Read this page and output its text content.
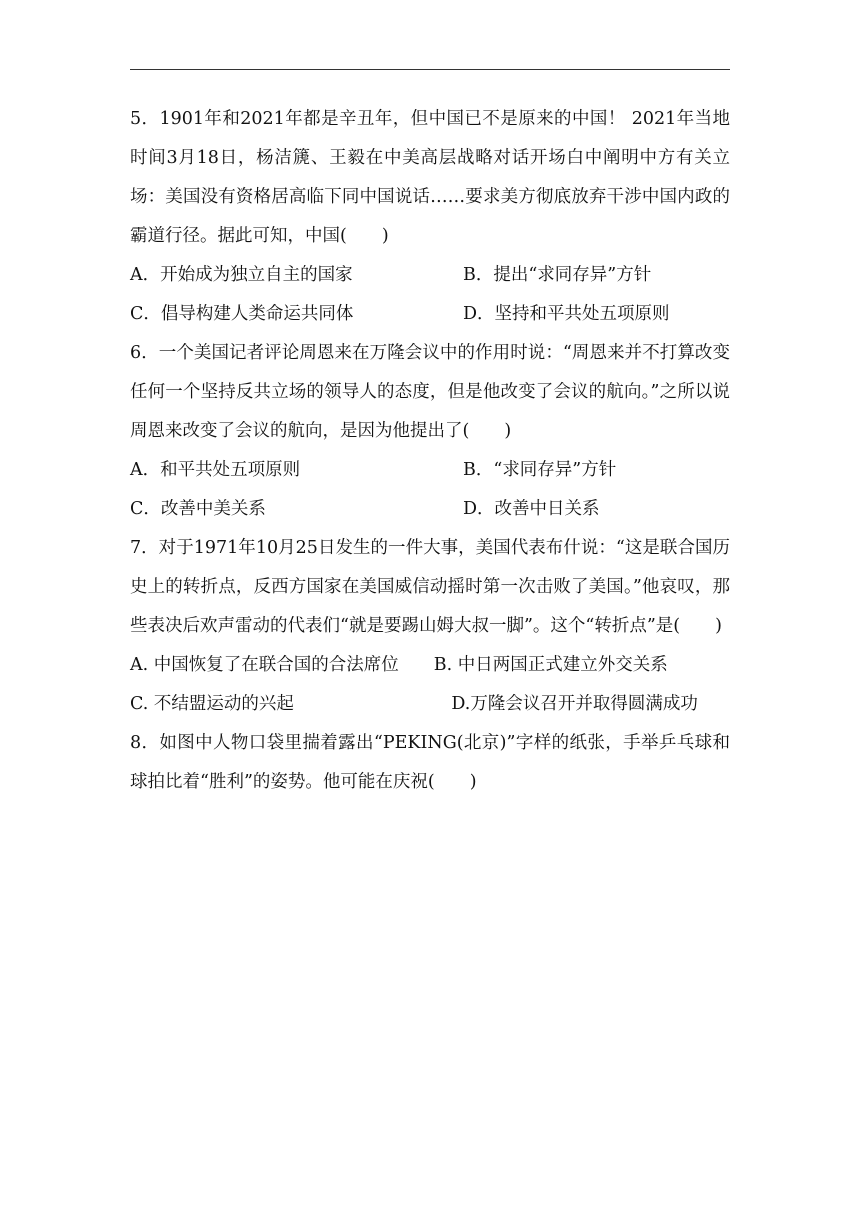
5．1901年和2021年都是辛丑年，但中国已不是原来的中国！ 2021年当地时间3月18日，杨洁篪、王毅在中美高层战略对话开场白中阐明中方有关立场：美国没有资格居高临下同中国说话……要求美方彻底放弃干涉中国内政的霸道行径。据此可知，中国(　　)

A．开始成为独立自主的国家	B．提出“求同存异”方针
C．倡导构建人类命运共同体	D．坚持和平共处五项原则

6．一个美国记者评论周恩来在万隆会议中的作用时说：“周恩来并不打算改变任何一个坚持反共立场的领导人的态度，但是他改变了会议的航向。”之所以说周恩来改变了会议的航向，是因为他提出了(　　)

A．和平共处五项原则	B．“求同存异”方针
C．改善中美关系	D．改善中日关系

7．对于1971年10月25日发生的一件大事，美国代表布什说：“这是联合国历史上的转折点，反西方国家在美国威信动摇时第一次击败了美国。”他哀叹，那些表决后欢声雷动的代表们“就是要踢山姆大叔一脚”。这个“转折点”是(　　)

A. 中国恢复了在联合国的合法席位　　B. 中日两国正式建立外交关系

C. 不结盟运动的兴起　　　　　　　　　D.万隆会议召开并取得圆满成功

8．如图中人物口袋里揣着露出“PEKING(北京)”字样的纸张，手举乒乓球和球拍比着“胜利”的姿势。他可能在庆祝(　　)
